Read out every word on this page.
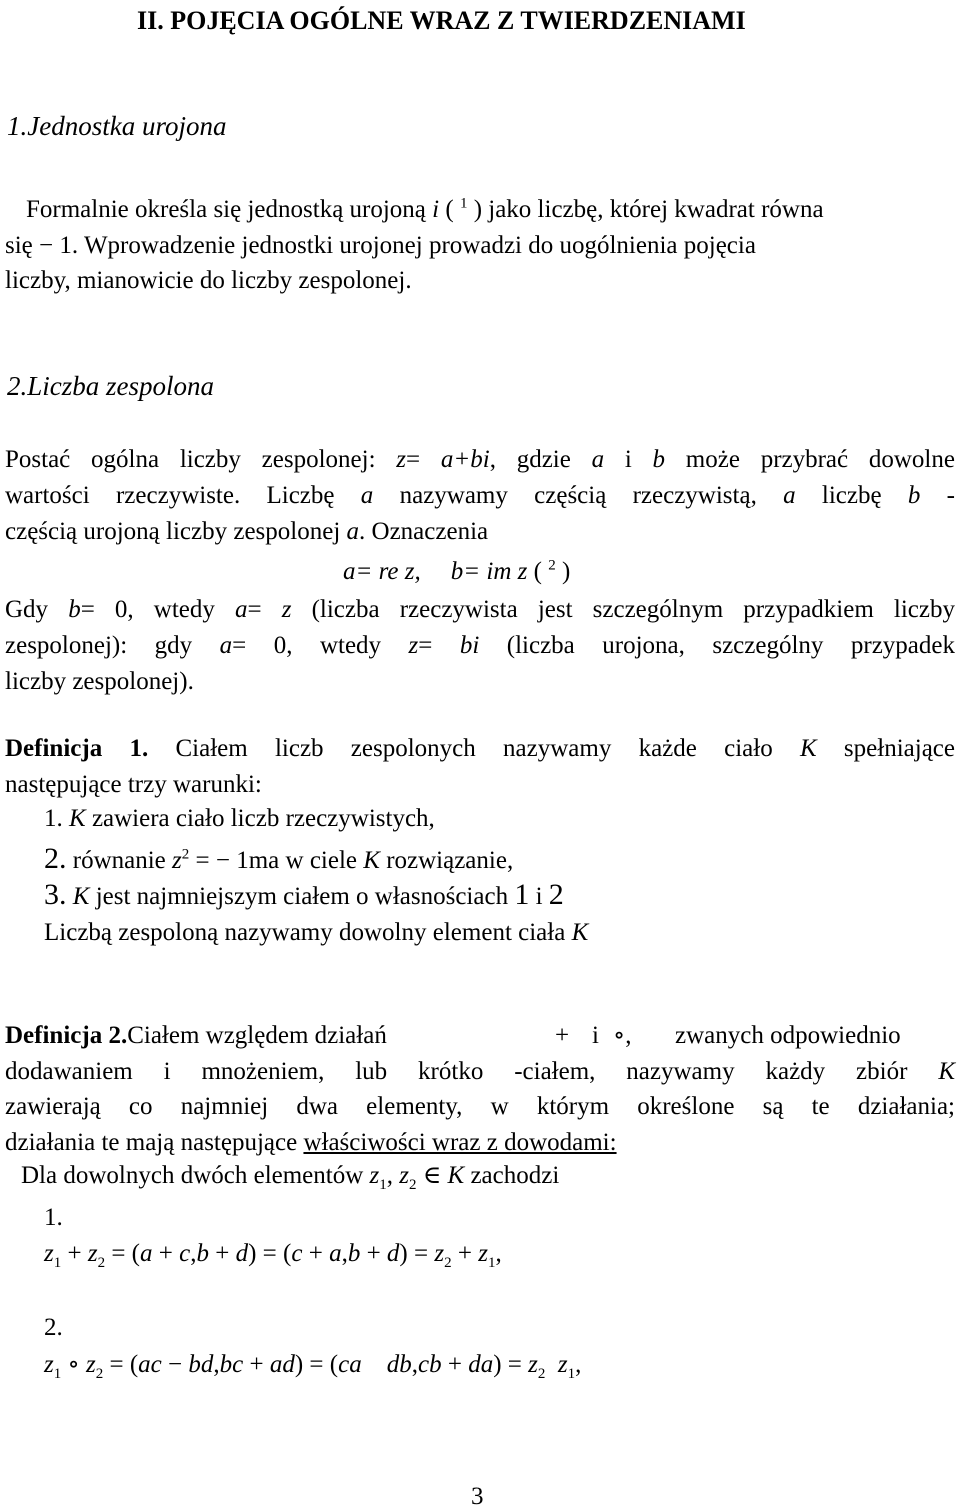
II. POJĘCIA OGÓLNE WRAZ Z TWIERDZENIAMI
1.Jednostka urojona
Formalnie określa się jednostką urojoną i ( $^1$ ) jako liczbę, której kwadrat równa
się − 1. Wprowadzenie jednostki urojonej prowadzi do uogólnienia pojęcia
liczby, mianowicie do liczby zespolonej.
2.Liczba zespolona
Postać ogólna liczby zespolonej: z= a+bi, gdzie a i b może przybrać dowolne
wartości rzeczywiste. Liczbę a nazywamy częścią rzeczywistą, a liczbę b -
częścią urojoną liczby zespolonej a. Oznaczenia
a= re z, b= im z ( $^2$ )
Gdy b= 0, wtedy a= z (liczba rzeczywista jest szczególnym przypadkiem liczby
zespolonej): gdy a= 0, wtedy z= bi (liczba urojona, szczególny przypadek
liczby zespolonej).
Definicja 1. Ciałem liczb zespolonych nazywamy każde ciało K spełniające
następujące trzy warunki:
1. K zawiera ciało liczb rzeczywistych,
2. równanie $z^2$ = − 1ma w ciele K rozwiązanie,
3. K jest najmniejszym ciałem o własnościach 1 i 2
Liczbą zespoloną nazywamy dowolny element ciała K
Definicja 2.Ciałem względem działań	+ i ∘, zwanych odpowiednio
dodawaniem i mnożeniem, lub krótko -ciałem, nazywamy każdy zbiór K
zawierają co najmniej dwa elementy, w którym określone są te działania;
działania te mają następujące właściwości wraz z dowodami:
Dla dowolnych dwóch elementów $z_1$, $z_2$ ∈ K zachodzi
1.
$z_1 + z_2 = (a + c,b + d) = (c + a,b + d) = z_2 + z_1$,
2.
$z_1$ ∘ $z_2 = (ac - bd,bc + ad) = (ca$ $db,cb + da) = z_2$ $z_1$,
3
